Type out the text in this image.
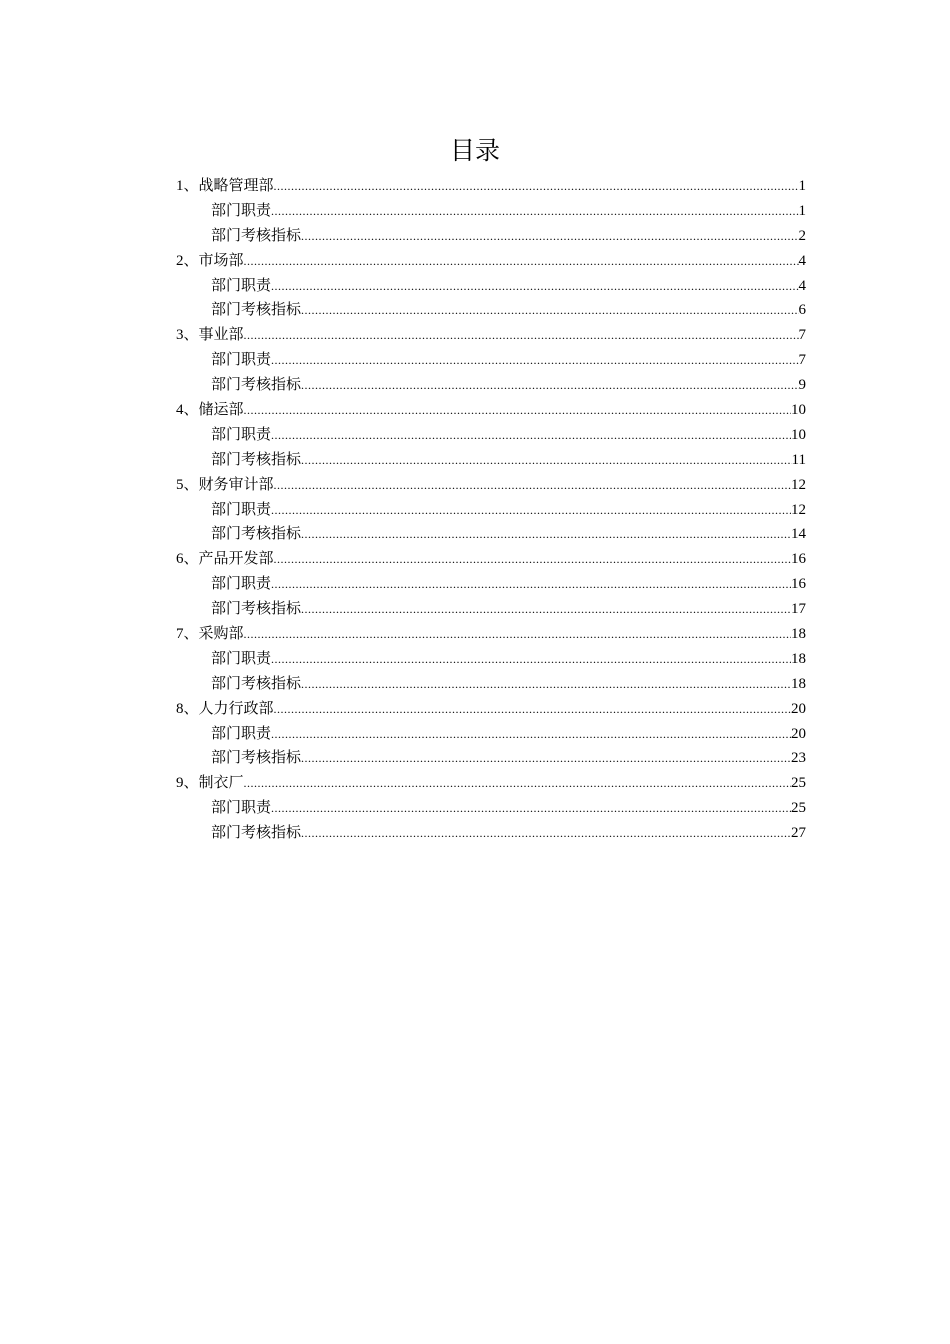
目录
1、战略管理部 .....	1
部门职责 .....	1
部门考核指标 .....	2
2、市场部 .....	4
部门职责 .....	4
部门考核指标 .....	6
3、事业部 .....	7
部门职责 .....	7
部门考核指标 .....	9
4、储运部 .....	10
部门职责 .....	10
部门考核指标 .....	11
5、财务审计部 .....	12
部门职责 .....	12
部门考核指标 .....	14
6、产品开发部 .....	16
部门职责 .....	16
部门考核指标 .....	17
7、采购部 .....	18
部门职责 .....	18
部门考核指标 .....	18
8、人力行政部 .....	20
部门职责 .....	20
部门考核指标 .....	23
9、制衣厂 .....	25
部门职责 .....	25
部门考核指标 .....	27
